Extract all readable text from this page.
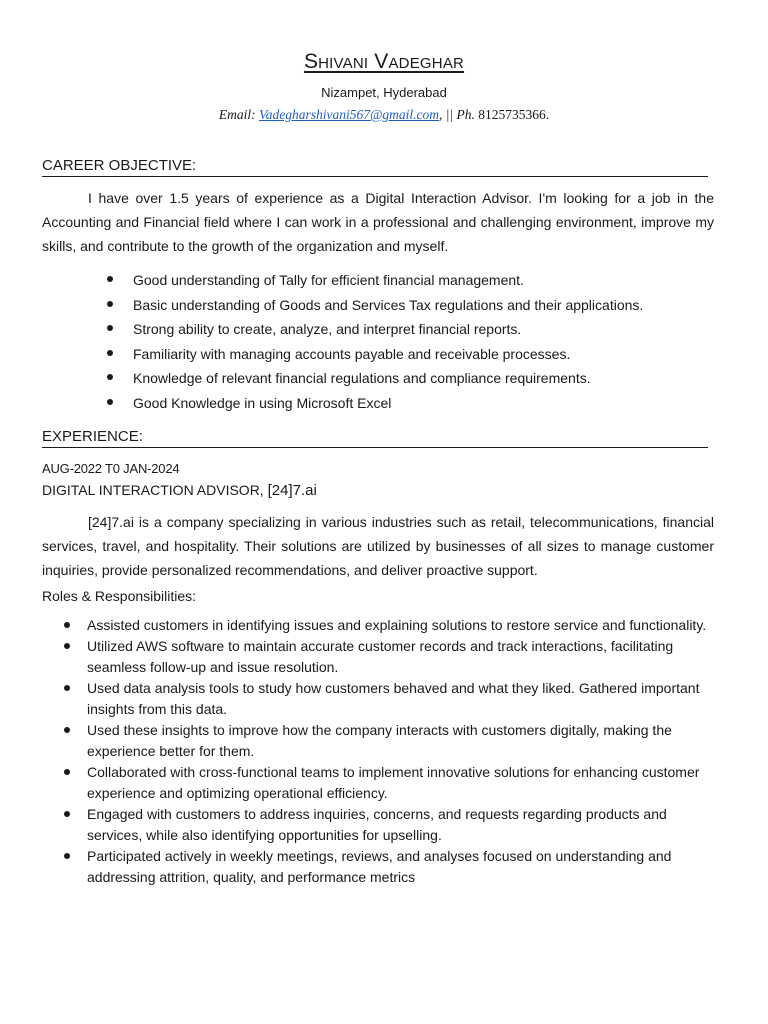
Shivani Vadeghar
Nizampet, Hyderabad
Email: Vadegharshivani567@gmail.com, || Ph. 8125735366.
CAREER OBJECTIVE:

I have over 1.5 years of experience as a Digital Interaction Advisor. I'm looking for a job in the Accounting and Financial field where I can work in a professional and challenging environment, improve my skills, and contribute to the growth of the organization and myself.

Good understanding of Tally for efficient financial management.
Basic understanding of Goods and Services Tax regulations and their applications.
Strong ability to create, analyze, and interpret financial reports.
Familiarity with managing accounts payable and receivable processes.
Knowledge of relevant financial regulations and compliance requirements.
Good Knowledge in using Microsoft Excel
EXPERIENCE:
AUG-2022 T0 JAN-2024
DIGITAL INTERACTION ADVISOR, [24]7.ai

[24]7.ai is a company specializing in various industries such as retail, telecommunications, financial services, travel, and hospitality. Their solutions are utilized by businesses of all sizes to manage customer inquiries, provide personalized recommendations, and deliver proactive support.

Roles & Responsibilities:
Assisted customers in identifying issues and explaining solutions to restore service and functionality.
Utilized AWS software to maintain accurate customer records and track interactions, facilitating seamless follow-up and issue resolution.
Used data analysis tools to study how customers behaved and what they liked. Gathered important insights from this data.
Used these insights to improve how the company interacts with customers digitally, making the experience better for them.
Collaborated with cross-functional teams to implement innovative solutions for enhancing customer experience and optimizing operational efficiency.
Engaged with customers to address inquiries, concerns, and requests regarding products and services, while also identifying opportunities for upselling.
Participated actively in weekly meetings, reviews, and analyses focused on understanding and addressing attrition, quality, and performance metrics
